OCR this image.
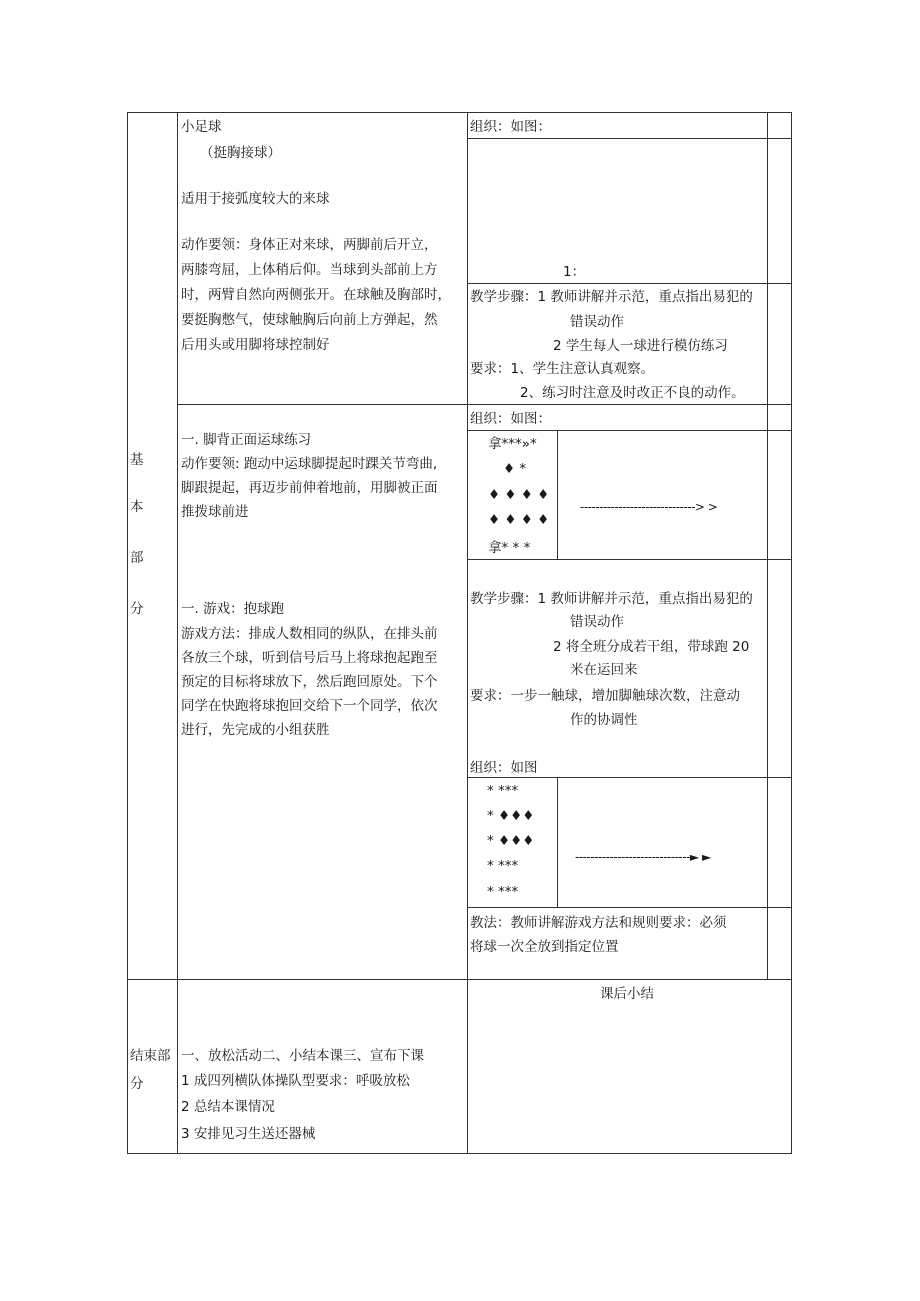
基
本
部
分
结束部
分
小足球
（挺胸接球）
适用于接弧度较大的来球
动作要领：身体正对来球，两脚前后开立，
两膝弯屈，上体稍后仰。当球到头部前上方
时，两臂自然向两侧张开。在球触及胸部时，
要挺胸憋气，使球触胸后向前上方弹起，然
后用头或用脚将球控制好
组织：如图：
1：
教学步骤：1 教师讲解并示范，重点指出易犯的
错误动作
2 学生每人一球进行模仿练习
要求：1、学生注意认真观察。
2、练习时注意及时改正不良的动作。
一. 脚背正面运球练习
动作要领: 跑动中运球脚提起时踝关节弯曲,
脚跟提起，再迈步前伸着地前，用脚被正面
推拨球前进
组织：如图：
拿***»*
♦ *
♦ ♦ ♦ ♦
♦ ♦ ♦ ♦
拿* * *
------------------------------> >
教学步骤：1 教师讲解并示范，重点指出易犯的
错误动作
2 将全班分成若干组，带球跑 20
米在运回来
要求：一步一触球，增加脚触球次数，注意动
作的协调性
一. 游戏：抱球跑
游戏方法：排成人数相同的纵队，在排头前
各放三个球，听到信号后马上将球抱起跑至
预定的目标将球放下，然后跑回原处。下个
同学在快跑将球抱回交给下一个同学，依次
进行，先完成的小组获胜
组织：如图
* ***
* ♦♦♦
* ♦♦♦
* ***
* ***
------------------------------► ►
教法：教师讲解游戏方法和规则要求：必须
将球一次全放到指定位置
课后小结
一、放松活动二、小结本课三、宣布下课
1 成四列横队体操队型要求：呼吸放松
2 总结本课情况
3 安排见习生送还器械
